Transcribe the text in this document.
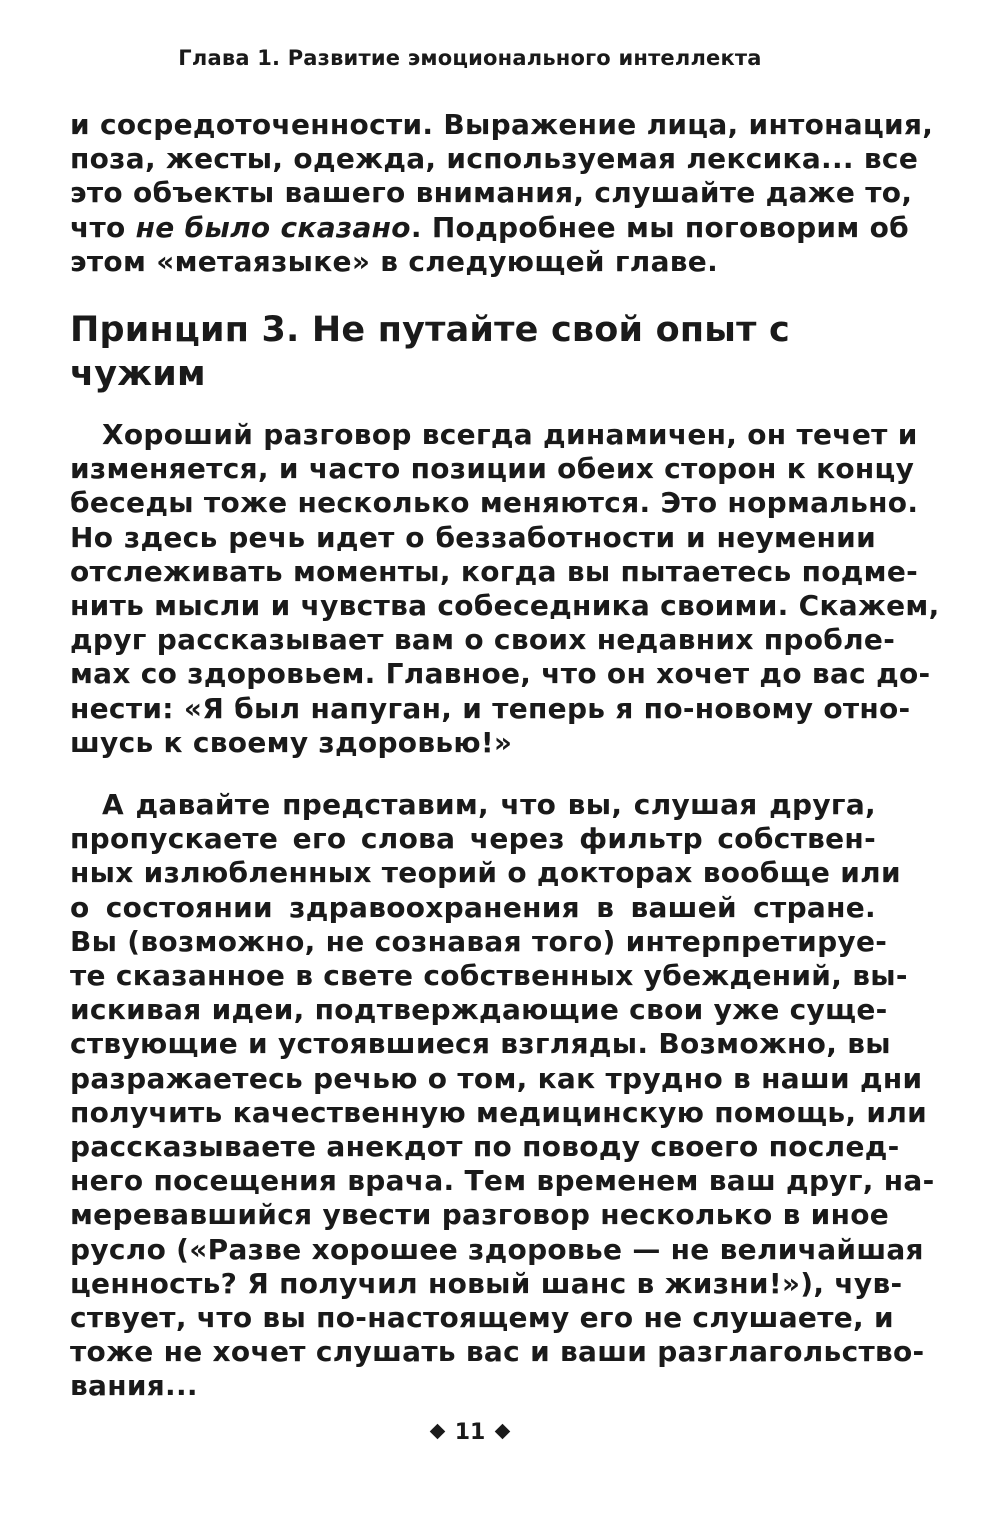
Глава 1. Развитие эмоционального интеллекта

и сосредоточенности. Выражение лица, интонация,
поза, жесты, одежда, используемая лексика... все
это объекты вашего внимания, слушайте даже то,
что не было сказано. Подробнее мы поговорим об
этом «метаязыке» в следующей главе.

Принцип 3. Не путайте свой опыт с
чужим

Хороший разговор всегда динамичен, он течет и
изменяется, и часто позиции обеих сторон к концу
беседы тоже несколько меняются. Это нормально.
Но здесь речь идет о беззаботности и неумении
отслеживать моменты, когда вы пытаетесь подме-
нить мысли и чувства собеседника своими. Скажем,
друг рассказывает вам о своих недавних пробле-
мах со здоровьем. Главное, что он хочет до вас до-
нести: «Я был напуган, и теперь я по-новому отно-
шусь к своему здоровью!»

А давайте представим, что вы, слушая друга,
пропускаете его слова через фильтр собствен-
ных излюбленных теорий о докторах вообще или
о состоянии здравоохранения в вашей стране.
Вы (возможно, не сознавая того) интерпретируе-
те сказанное в свете собственных убеждений, вы-
искивая идеи, подтверждающие свои уже суще-
ствующие и устоявшиеся взгляды. Возможно, вы
разражаетесь речью о том, как трудно в наши дни
получить качественную медицинскую помощь, или
рассказываете анекдот по поводу своего послед-
него посещения врача. Тем временем ваш друг, на-
меревавшийся увести разговор несколько в иное
русло («Разве хорошее здоровье — не величайшая
ценность? Я получил новый шанс в жизни!»), чув-
ствует, что вы по-настоящему его не слушаете, и
тоже не хочет слушать вас и ваши разглагольство-
вания...

11
